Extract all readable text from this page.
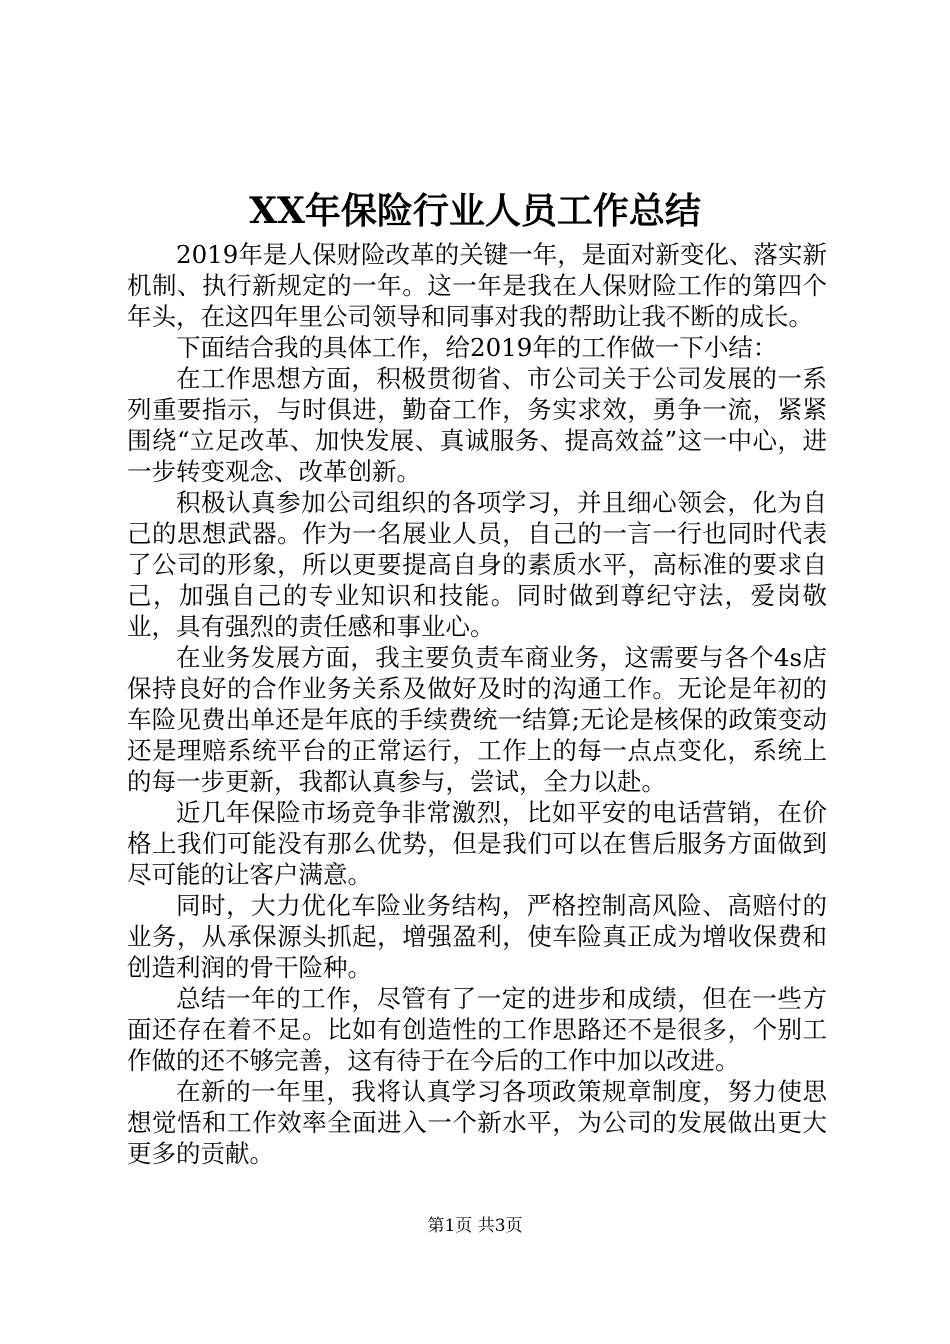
XX年保险行业人员工作总结

2019年是人保财险改革的关键一年，是面对新变化、落实新机制、执行新规定的一年。这一年是我在人保财险工作的第四个年头，在这四年里公司领导和同事对我的帮助让我不断的成长。

下面结合我的具体工作，给2019年的工作做一下小结：

在工作思想方面，积极贯彻省、市公司关于公司发展的一系列重要指示，与时俱进，勤奋工作，务实求效，勇争一流，紧紧围绕“立足改革、加快发展、真诚服务、提高效益”这一中心，进一步转变观念、改革创新。

积极认真参加公司组织的各项学习，并且细心领会，化为自己的思想武器。作为一名展业人员，自己的一言一行也同时代表了公司的形象，所以更要提高自身的素质水平，高标准的要求自己，加强自己的专业知识和技能。同时做到尊纪守法，爱岗敬业，具有强烈的责任感和事业心。

在业务发展方面，我主要负责车商业务，这需要与各个4s店保持良好的合作业务关系及做好及时的沟通工作。无论是年初的车险见费出单还是年底的手续费统一结算;无论是核保的政策变动还是理赔系统平台的正常运行，工作上的每一点点变化，系统上的每一步更新，我都认真参与，尝试，全力以赴。

近几年保险市场竞争非常激烈，比如平安的电话营销，在价格上我们可能没有那么优势，但是我们可以在售后服务方面做到尽可能的让客户满意。

同时，大力优化车险业务结构，严格控制高风险、高赔付的业务，从承保源头抓起，增强盈利，使车险真正成为增收保费和创造利润的骨干险种。

总结一年的工作，尽管有了一定的进步和成绩，但在一些方面还存在着不足。比如有创造性的工作思路还不是很多，个别工作做的还不够完善，这有待于在今后的工作中加以改进。

在新的一年里，我将认真学习各项政策规章制度，努力使思想觉悟和工作效率全面进入一个新水平，为公司的发展做出更大更多的贡献。

第1页 共3页
